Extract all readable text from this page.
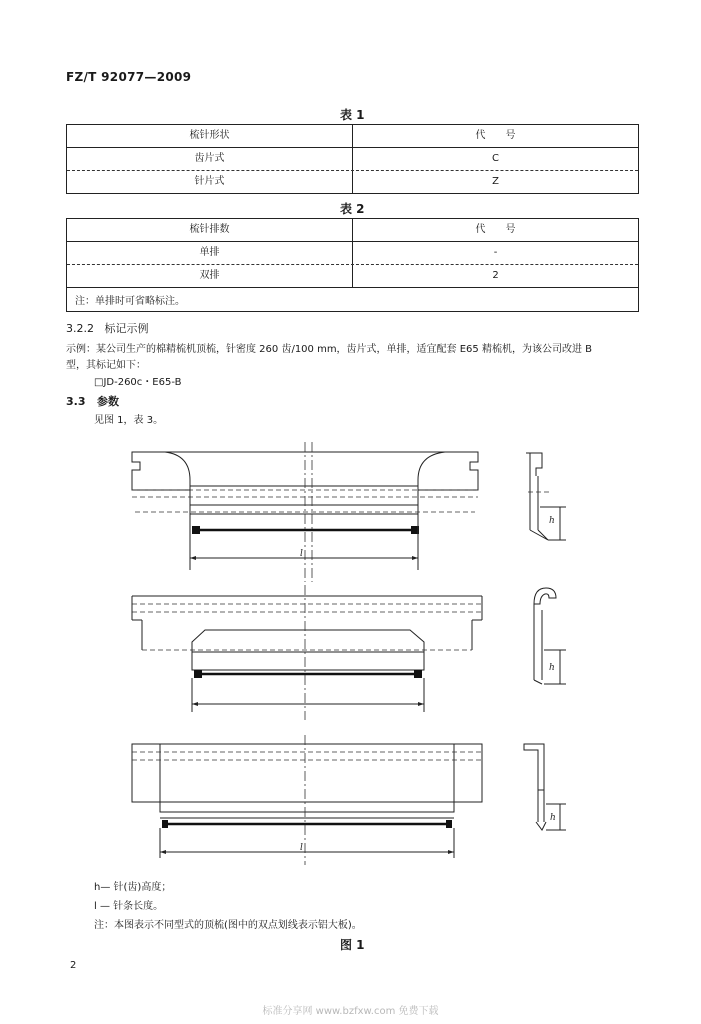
FZ/T 92077—2009
表 1
梳针形状	代　　号
齿片式	C
针片式	Z
表 2
梳针排数	代　　号
单排	-
双排	2
注：单排时可省略标注。
3.2.2 标记示例
示例：某公司生产的棉精梳机顶梳，针密度 260 齿/100 mm，齿片式，单排，适宜配套 E65 精梳机，为该公司改进 B
型，其标记如下：
□JD-260c・E65-B
3.3 参数
见图 1，表 3。
l
h
h
l
h
h— 针(齿)高度；
l — 针条长度。
注：本图表示不同型式的顶梳(图中的双点划线表示铝大板)。
图 1
2
标准分享网 www.bzfxw.com 免费下载
